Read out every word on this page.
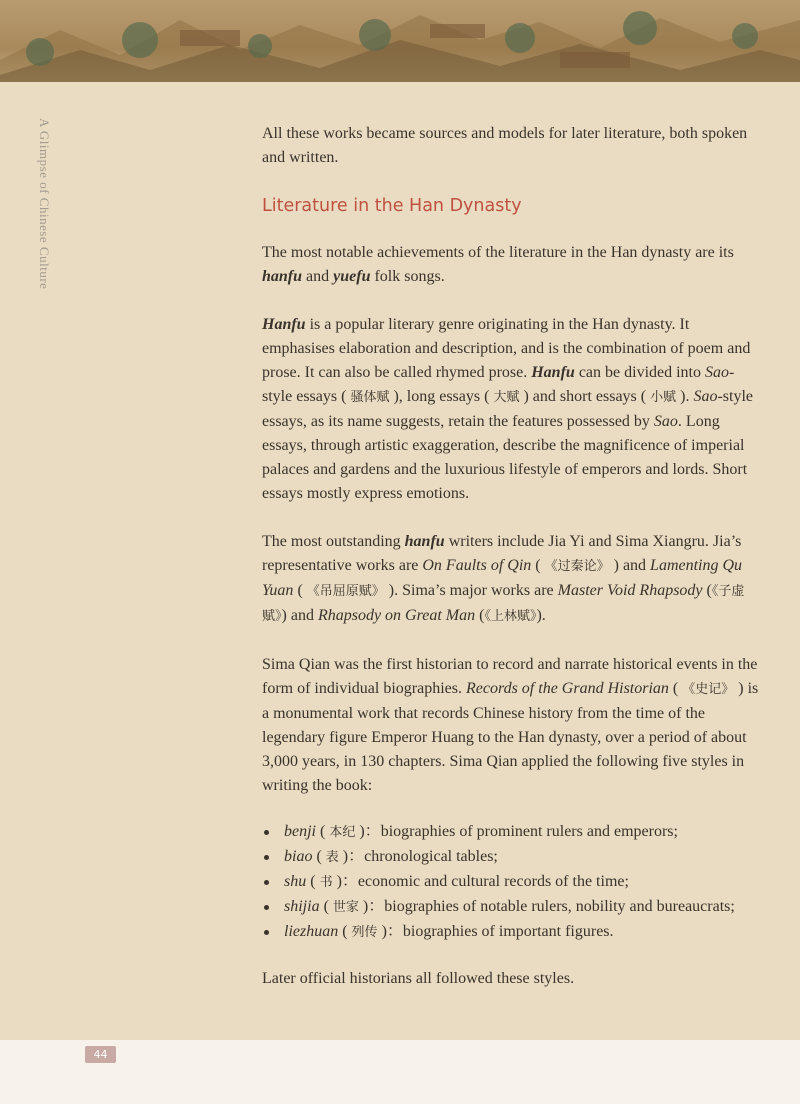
A Glimpse of Chinese Culture	All these works became sources and models for later literature, both spoken and written.

Literature in the Han Dynasty

The most notable achievements of the literature in the Han dynasty are its hanfu and yuefu folk songs.

Hanfu is a popular literary genre originating in the Han dynasty. It emphasises elaboration and description, and is the combination of poem and prose. It can also be called rhymed prose. Hanfu can be divided into Sao-style essays ( 骚体赋 ), long essays ( 大赋 ) and short essays ( 小赋 ). Sao-style essays, as its name suggests, retain the features possessed by Sao. Long essays, through artistic exaggeration, describe the magnificence of imperial palaces and gardens and the luxurious lifestyle of emperors and lords. Short essays mostly express emotions.

The most outstanding hanfu writers include Jia Yi and Sima Xiangru. Jia’s representative works are On Faults of Qin ( 《过秦论》 ) and Lamenting Qu Yuan ( 《吊屈原赋》 ). Sima’s major works are Master Void Rhapsody (《子虚赋》) and Rhapsody on Great Man (《上林赋》).

Sima Qian was the first historian to record and narrate historical events in the form of individual biographies. Records of the Grand Historian ( 《史记》 ) is a monumental work that records Chinese history from the time of the legendary figure Emperor Huang to the Han dynasty, over a period of about 3,000 years, in 130 chapters. Sima Qian applied the following five styles in writing the book:

benji ( 本纪 )：biographies of prominent rulers and emperors;
biao ( 表 )：chronological tables;
shu ( 书 )：economic and cultural records of the time;
shijia ( 世家 )：biographies of notable rulers, nobility and bureaucrats;
liezhuan ( 列传 )：biographies of important figures.

Later official historians all followed these styles.

44
